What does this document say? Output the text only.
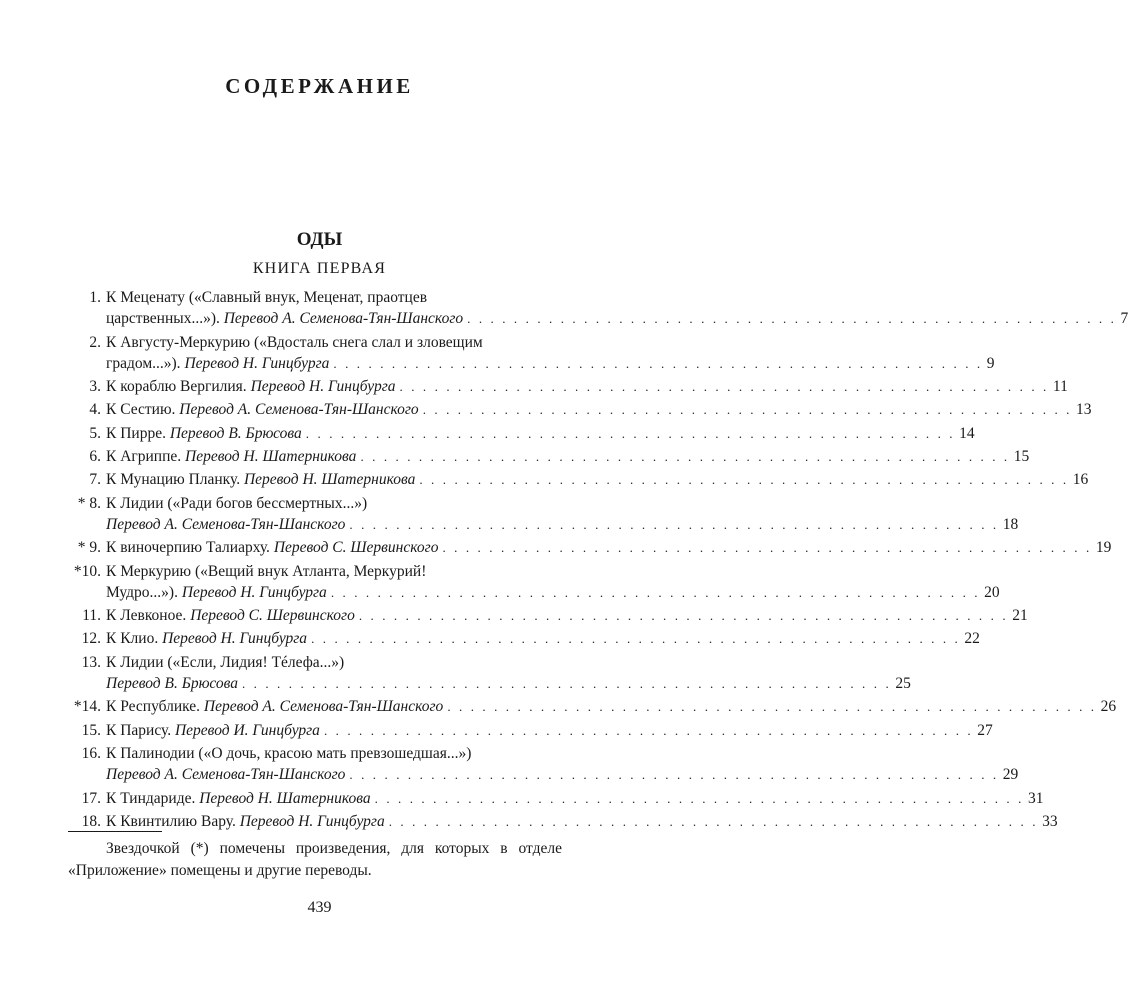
СОДЕРЖАНИЕ
ОДЫ
КНИГА ПЕРВАЯ
1. К Меценату («Славный внук, Меценат, праотцев
царственных...»). Перевод А. Семенова-Тян-Шанского . . .	7
2. К Августу-Меркурию («Вдосталь снега слал и зловещим
градом...»). Перевод Н. Гинцбурга . . .	9
3. К кораблю Вергилия. Перевод Н. Гинцбурга . . .	11
4. К Сестию. Перевод А. Семенова-Тян-Шанского . . .	13
5. К Пирре. Перевод В. Брюсова . . .	14
6. К Агриппе. Перевод Н. Шатерникова . . .	15
7. К Мунацию Планку. Перевод Н. Шатерникова . . .	16
* 8. К Лидии («Ради богов бессмертных...»)
Перевод А. Семенова-Тян-Шанского . . .	18
* 9. К виночерпию Талиарху. Перевод С. Шервинского . . .	19
*10. К Меркурию («Вещий внук Атланта, Меркурий!
Мудро...»). Перевод Н. Гинцбурга . . .	20
11. К Левконое. Перевод С. Шервинского . . .	21
12. К Клио. Перевод Н. Гинцбурга . . .	22
13. К Лидии («Если, Лидия! Тéлефа...»)
Перевод В. Брюсова . . .	25
*14. К Республике. Перевод А. Семенова-Тян-Шанского . . .	26
15. К Парису. Перевод И. Гинцбурга . . .	27
16. К Палинодии («О дочь, красою мать превзошедшая...»)
Перевод А. Семенова-Тян-Шанского . . .	29
17. К Тиндариде. Перевод Н. Шатерникова . . .	31
18. К Квинтилию Вару. Перевод Н. Гинцбурга . . .	33
Звездочкой (*) помечены произведения, для которых в отделе «Приложение» помещены и другие переводы.
439
